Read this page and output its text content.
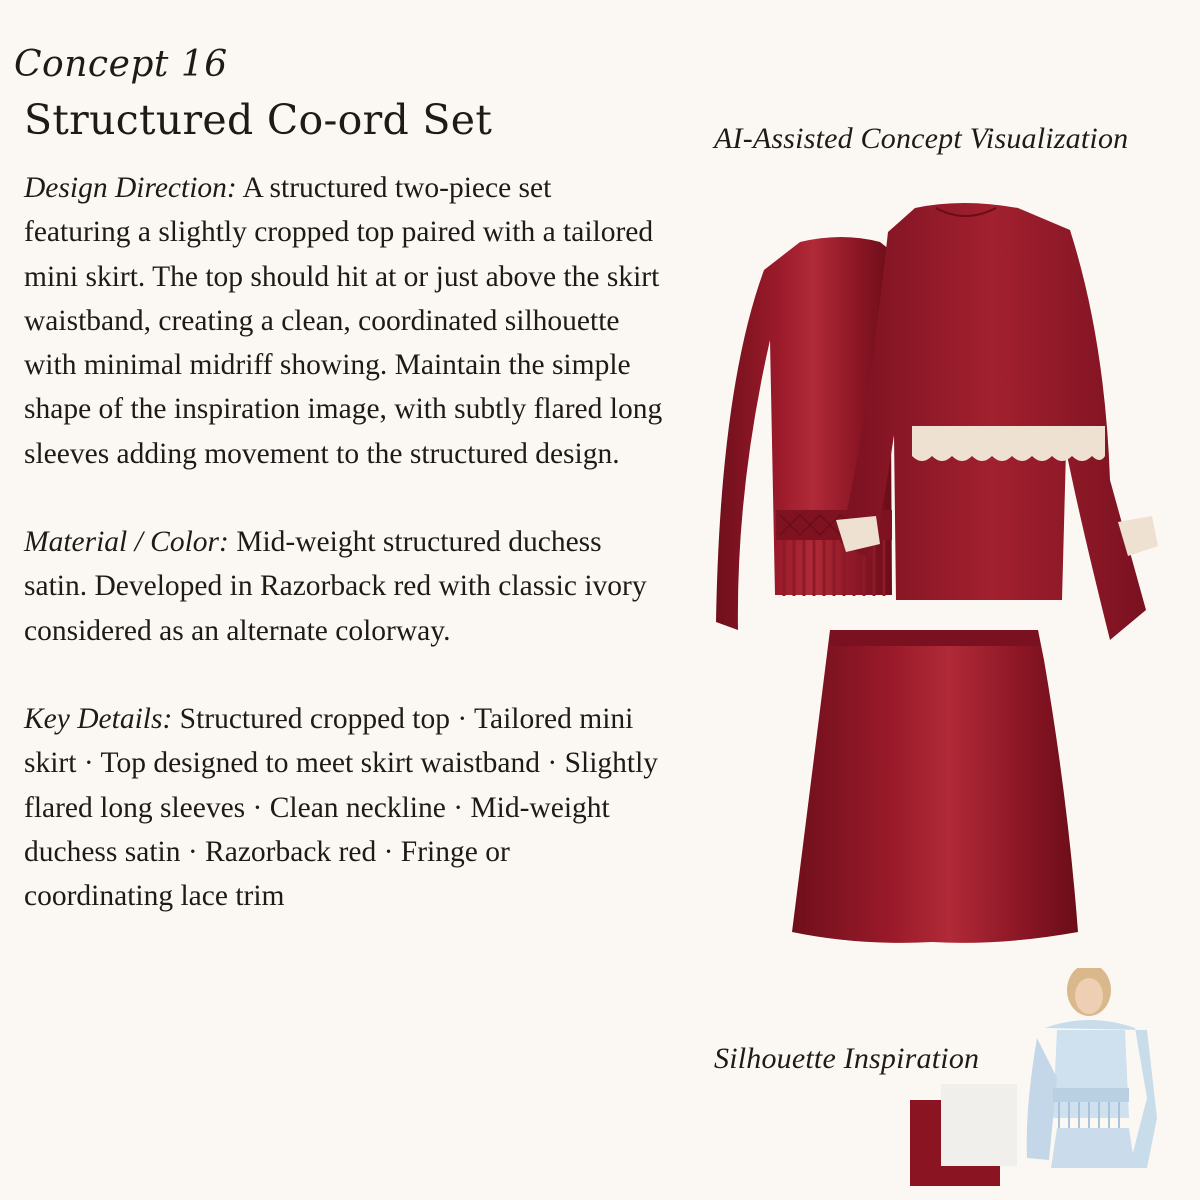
Concept 16
Structured Co-ord Set

Design Direction: A structured two-piece set featuring a slightly cropped top paired with a tailored mini skirt. The top should hit at or just above the skirt waistband, creating a clean, coordinated silhouette with minimal midriff showing. Maintain the simple shape of the inspiration image, with subtly flared long sleeves adding movement to the structured design.

Material / Color: Mid-weight structured duchess satin. Developed in Razorback red with classic ivory considered as an alternate colorway.

Key Details: Structured cropped top · Tailored mini skirt · Top designed to meet skirt waistband · Slightly flared long sleeves · Clean neckline · Mid-weight duchess satin · Razorback red · Fringe or coordinating lace trim

AI-Assisted Concept Visualization
Silhouette Inspiration
